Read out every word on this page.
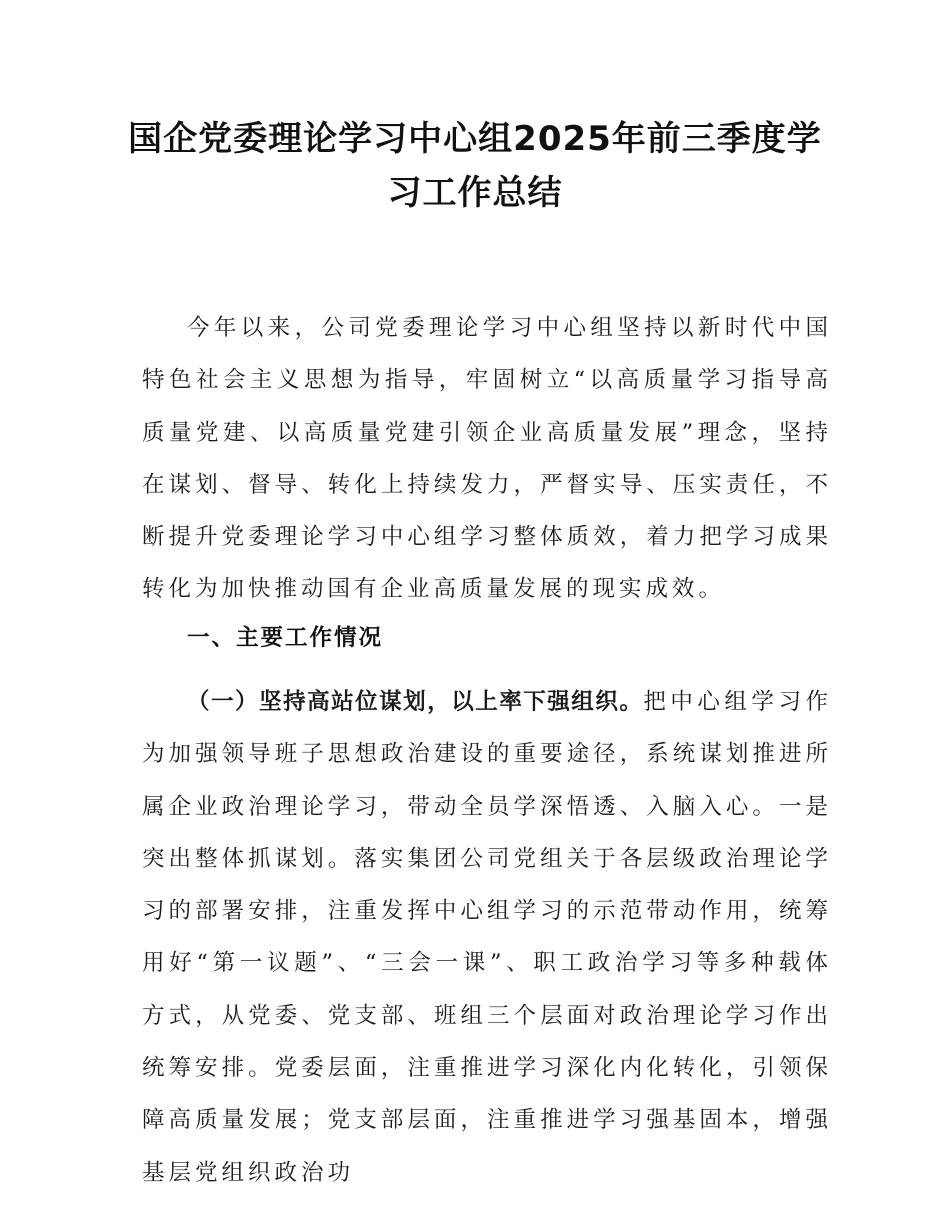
国企党委理论学习中心组2025年前三季度学
习工作总结

今年以来，公司党委理论学习中心组坚持以新时代中国特色社会主义思想为指导，牢固树立“以高质量学习指导高质量党建、以高质量党建引领企业高质量发展”理念，坚持在谋划、督导、转化上持续发力，严督实导、压实责任，不断提升党委理论学习中心组学习整体质效，着力把学习成果转化为加快推动国有企业高质量发展的现实成效。

一、主要工作情况

（一）坚持高站位谋划，以上率下强组织。把中心组学习作为加强领导班子思想政治建设的重要途径，系统谋划推进所属企业政治理论学习，带动全员学深悟透、入脑入心。一是突出整体抓谋划。落实集团公司党组关于各层级政治理论学习的部署安排，注重发挥中心组学习的示范带动作用，统筹用好“第一议题”、“三会一课”、职工政治学习等多种载体方式，从党委、党支部、班组三个层面对政治理论学习作出统筹安排。党委层面，注重推进学习深化内化转化，引领保障高质量发展；党支部层面，注重推进学习强基固本，增强基层党组织政治功
